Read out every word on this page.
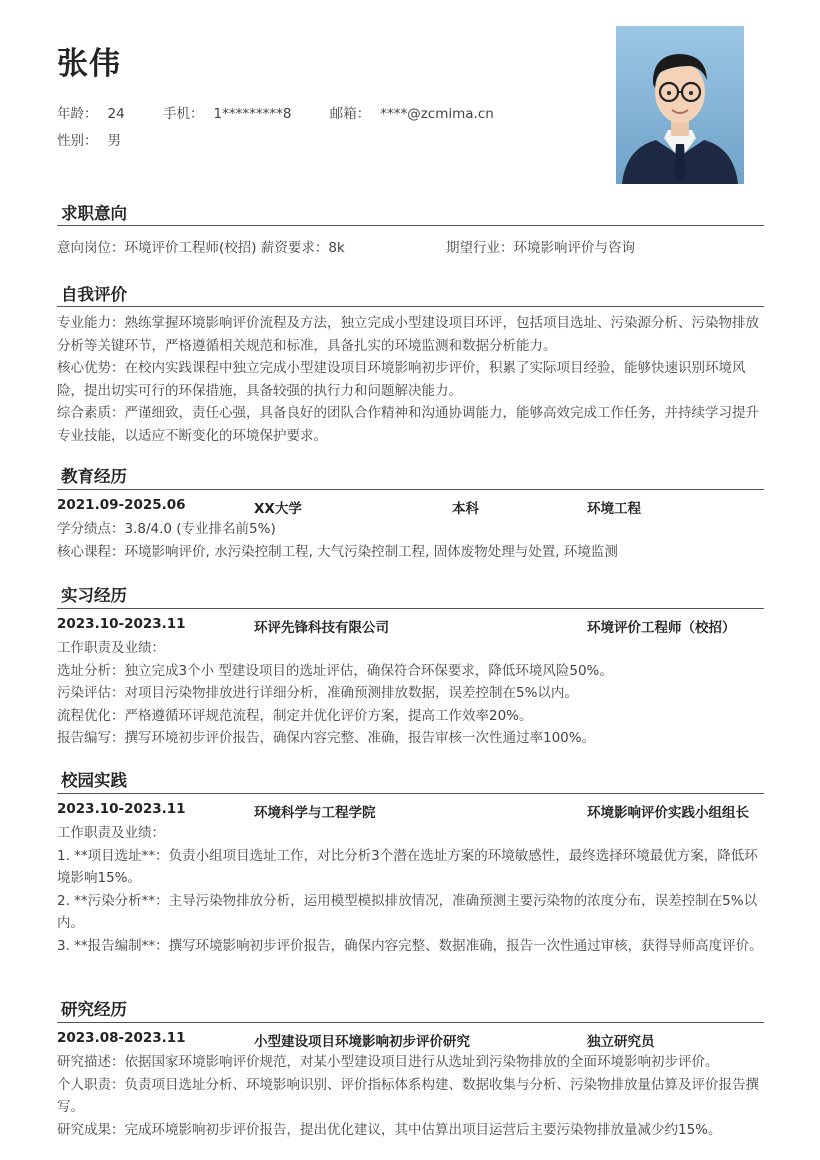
张伟
年龄： 24	手机： 1*********8	邮箱： ****@zcmima.cn
性别： 男
求职意向
意向岗位：环境评价工程师(校招) 薪资要求：8k	期望行业：环境影响评价与咨询
自我评价

专业能力：熟练掌握环境影响评价流程及方法，独立完成小型建设项目环评，包括项目选址、污染源分析、污染物排放分析等关键环节，严格遵循相关规范和标准，具备扎实的环境监测和数据分析能力。

核心优势：在校内实践课程中独立完成小型建设项目环境影响初步评价，积累了实际项目经验，能够快速识别环境风险，提出切实可行的环保措施，具备较强的执行力和问题解决能力。

综合素质：严谨细致，责任心强，具备良好的团队合作精神和沟通协调能力，能够高效完成工作任务，并持续学习提升专业技能，以适应不断变化的环境保护要求。

教育经历
2021.09-2025.06	XX大学	本科	环境工程

学分绩点：3.8/4.0 (专业排名前5%)

核心课程：环境影响评价, 水污染控制工程, 大气污染控制工程, 固体废物处理与处置, 环境监测

实习经历
2023.10-2023.11	环评先锋科技有限公司	环境评价工程师（校招）

工作职责及业绩：

选址分析：独立完成3个小 型建设项目的选址评估，确保符合环保要求，降低环境风险50%。

污染评估：对项目污染物排放进行详细分析，准确预测排放数据，误差控制在5%以内。

流程优化：严格遵循环评规范流程，制定并优化评价方案，提高工作效率20%。

报告编写：撰写环境初步评价报告，确保内容完整、准确，报告审核一次性通过率100%。

校园实践
2023.10-2023.11	环境科学与工程学院	环境影响评价实践小组组长

工作职责及业绩：

1. **项目选址**：负责小组项目选址工作，对比分析3个潜在选址方案的环境敏感性，最终选择环境最优方案，降低环境影响15%。

2. **污染分析**：主导污染物排放分析，运用模型模拟排放情况，准确预测主要污染物的浓度分布，误差控制在5%以内。

3. **报告编制**：撰写环境影响初步评价报告，确保内容完整、数据准确，报告一次性通过审核，获得导师高度评价。

研究经历
2023.08-2023.11	小型建设项目环境影响初步评价研究	独立研究员

研究描述：依据国家环境影响评价规范，对某小型建设项目进行从选址到污染物排放的全面环境影响初步评价。

个人职责：负责项目选址分析、环境影响识别、评价指标体系构建、数据收集与分析、污染物排放量估算及评价报告撰写。

研究成果：完成环境影响初步评价报告，提出优化建议，其中估算出项目运营后主要污染物排放量减少约15%。
